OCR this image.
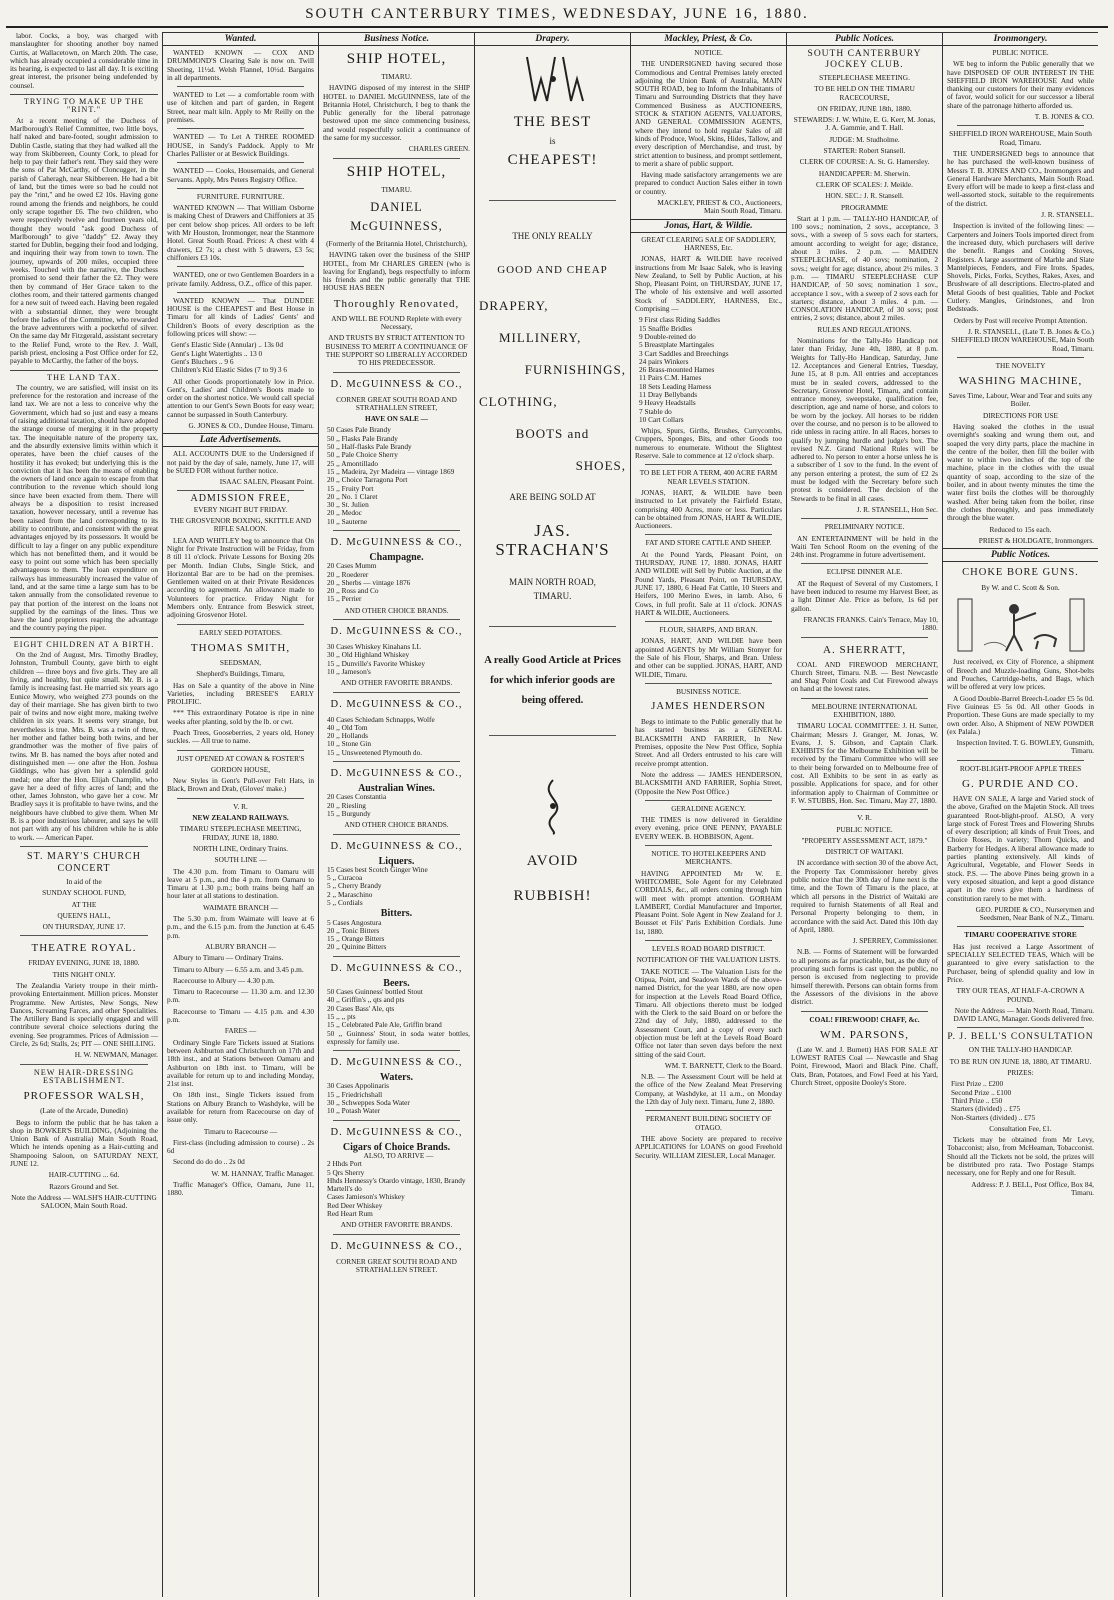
SOUTH CANTERBURY TIMES, WEDNESDAY, JUNE 16, 1880.

labor. Cocks, a boy, was charged with manslaughter for shooting another boy named Curtis, at Wallacetown, on March 20th. The case, which has already occupied a considerable time in its hearing, is expected to last all day. It is exciting great interest, the prisoner being undefended by counsel.

TRYING TO MAKE UP THE "RINT."

At a recent meeting of the Duchess of Marlborough's Relief Committee, two little boys, half naked and bare-footed, sought admission to Dublin Castle, stating that they had walked all the way from Skibbereen, County Cork, to plead for help to pay their father's rent. They said they were the sons of Pat McCarthy, of Cloncugger, in the parish of Caheragh, near Skibbereen. He had a bit of land, but the times were so bad he could not pay the "rint," and he owed £2 10s. Having gone round among the friends and neighbors, he could only scrape together £6. The two children, who were respectively twelve and fourteen years old, thought they would "ask good Duchess of Marlborough" to give "daddy" £2. Away they started for Dublin, begging their food and lodging, and inquiring their way from town to town. The journey, upwards of 200 miles, occupied three weeks. Touched with the narrative, the Duchess promised to send their father the £2. They were then by command of Her Grace taken to the clothes room, and their tattered garments changed for a new suit of tweed each. Having been regaled with a substantial dinner, they were brought before the ladies of the Committee, who rewarded the brave adventurers with a pocketful of silver. On the same day Mr Fitzgerald, assistant secretary to the Relief Fund, wrote to the Rev. J. Wall, parish priest, enclosing a Post Office order for £2, payable to McCarthy, the father of the boys.

THE LAND TAX.

The country, we are satisfied, will insist on its preference for the restoration and increase of the land tax. We are not a less to conceive why the Government, which had so just and easy a means of raising additional taxation, should have adopted the strange course of merging it in the property tax. The inequitable nature of the property tax, and the absurdly extensive limits within which it operates, have been the chief causes of the hostility it has evoked; but underlying this is the conviction that it has been the means of enabling the owners of land once again to escape from that contribution to the revenue which should long since have been exacted from them. There will always be a disposition to resist increased taxation, however necessary, until a revenue has been raised from the land corresponding to its ability to contribute, and consistent with the great advantages enjoyed by its possessors. It would be difficult to lay a finger on any public expenditure which has not benefitted them, and it would be easy to point out some which has been specially advantageous to them. The loan expenditure on railways has immeasurably increased the value of land, and at the same time a large sum has to be taken annually from the consolidated revenue to pay that portion of the interest on the loans not supplied by the earnings of the lines. Thus we have the land proprietors reaping the advantage and the country paying the piper.

EIGHT CHILDREN AT A BIRTH.

On the 2nd of August, Mrs. Timothy Bradley, Johnston, Trumbull County, gave birth to eight children — three boys and five girls. They are all living, and healthy, but quite small. Mr. B. is a family is increasing fast. He married six years ago Eunice Mowry, who weighed 273 pounds on the day of their marriage. She has given birth to two pair of twins and now eight more, making twelve children in six years. It seems very strange, but nevertheless is true. Mrs. B. was a twin of three, her mother and father being both twins, and her grandmother was the mother of five pairs of twins. Mr B. has named the boys after noted and distinguished men — one after the Hon. Joshua Giddings, who has given her a splendid gold medal; one after the Hon. Elijah Champlin, who gave her a deed of fifty acres of land; and the other, James Johnston, who gave her a cow. Mr Bradley says it is profitable to have twins, and the neighbours have clubbed to give them. When Mr B. is a poor industrious labourer, and says he will not part with any of his children while he is able to work. — American Paper.

ST. MARY'S CHURCH CONCERT

In aid of the

SUNDAY SCHOOL FUND,

AT THE

QUEEN'S HALL,

ON THURSDAY, JUNE 17.

THEATRE ROYAL.

FRIDAY EVENING, JUNE 18, 1880.

THIS NIGHT ONLY.

The Zealandia Variety troupe in their mirth-provoking Entertainment. Million prices. Monster Programme. New Artistes, New Songs, New Dances, Screaming Farces, and other Specialities. The Artillery Band is specially engaged and will contribute several choice selections during the evening. See programmes. Prices of Admission — Circle, 2s 6d; Stalls, 2s; PIT — ONE SHILLING.

H. W. NEWMAN, Manager.

NEW HAIR-DRESSING ESTABLISHMENT.
PROFESSOR WALSH,

(Late of the Arcade, Dunedin)

Begs to inform the public that he has taken a shop in BOWKER'S BUILDING, (Adjoining the Union Bank of Australia) Main South Road, Which he intends opening as a Hair-cutting and Shampooing Saloon, on SATURDAY NEXT, JUNE 12.

HAIR-CUTTING ... 6d.

Razors Ground and Set.

Note the Address — WALSH'S HAIR-CUTTING SALOON, Main South Road.

Wanted.

WANTED KNOWN — COX AND DRUMMOND'S Clearing Sale is now on. Twill Sheeting, 11½d. Welsh Flannel, 10½d. Bargains in all departments.

WANTED to Let — a comfortable room with use of kitchen and part of garden, in Regent Street, near malt kiln. Apply to Mr Reilly on the premises.

WANTED — To Let A THREE ROOMED HOUSE, in Sandy's Paddock. Apply to Mr Charles Pallister or at Beswick Buildings.

WANTED — Cooks, Housemaids, and General Servants. Apply, Mrs Peters Registry Office.

FURNITURE. FURNITURE.

WANTED KNOWN — That William Osborne is making Chest of Drawers and Chiffoniers at 35 per cent below shop prices. All orders to be left with Mr Houston, Ironmonger, near the Stanmore Hotel. Great South Road. Prices: A chest with 4 drawers, £2 7s; a chest with 5 drawers, £3 5s; chiffoniers £3 10s.

WANTED, one or two Gentlemen Boarders in a private family. Address, O.Z., office of this paper.

WANTED KNOWN — That DUNDEE HOUSE is the CHEAPEST and Best House in Timaru for all kinds of Ladies' Gents' and Children's Boots of every description as the following prices will show: —

Gent's Elastic Side (Annular) .. 13s 0d
Gent's Light Watertights .. 13 0
Gent's Bluchers .. 9 6
Children's Kid Elastic Sides (7 to 9) 3 6

All other Goods proportionately low in Price. Gent's, Ladies' and Children's Boots made to order on the shortest notice. We would call special attention to our Gent's Sewn Boots for easy wear; cannot be surpassed in South Canterbury.

G. JONES & CO., Dundee House, Timaru.

Late Advertisements.

ALL ACCOUNTS DUE to the Undersigned if not paid by the day of sale, namely, June 17, will be SUED FOR without further notice.

ISAAC SALEN, Pleasant Point.

ADMISSION FREE,

EVERY NIGHT BUT FRIDAY.

THE GROSVENOR BOXING, SKITTLE AND RIFLE SALOON.

LEA AND WHITLEY beg to announce that On Night for Private Instruction will be Friday, from 8 till 11 o'clock. Private Lessons for Boxing 20s per Month. Indian Clubs, Single Stick, and Horizontal Bar are to be had on the premises. Gentlemen waited on at their Private Residences according to agreement. An allowance made to Volunteers for practice. Friday Night for Members only. Entrance from Beswick street, adjoining Grosvenor Hotel.

EARLY SEED POTATOES.

THOMAS SMITH,

SEEDSMAN,

Shepherd's Buildings, Timaru,

Has on Sale a quantity of the above in Nine Varieties, including BRESEE'S EARLY PROLIFIC.

*** This extraordinary Potatoe is ripe in nine weeks after planting, sold by the lb. or cwt.

Peach Trees, Gooseberries, 2 years old, Honey suckles. — All true to name.

JUST OPENED AT COWAN & FOSTER'S

GORDON HOUSE,

New Styles in Gent's Pull-over Felt Hats, in Black, Brown and Drab, (Gloves' make.)

V. R.

NEW ZEALAND RAILWAYS.

TIMARU STEEPLECHASE MEETING, FRIDAY, JUNE 18, 1880.

NORTH LINE, Ordinary Trains.

SOUTH LINE —

The 4.30 p.m. from Timaru to Oamaru will leave at 5 p.m., and the 4 p.m. from Oamaru to Timaru at 1.30 p.m.; both trains being half an hour later at all stations to destination.

WAIMATE BRANCH —

The 5.30 p.m. from Waimate will leave at 6 p.m., and the 6.15 p.m. from the Junction at 6.45 p.m.

ALBURY BRANCH —

Albury to Timaru — Ordinary Trains.

Timaru to Albury — 6.55 a.m. and 3.45 p.m.

Racecourse to Albury — 4.30 p.m.

Timaru to Racecourse — 11.30 a.m. and 12.30 p.m.

Racecourse to Timaru — 4.15 p.m. and 4.30 p.m.

FARES —

Ordinary Single Fare Tickets issued at Stations between Ashburton and Christchurch on 17th and 18th inst., and at Stations between Oamaru and Ashburton on 18th inst. to Timaru, will be available for return up to and including Monday, 21st inst.

On 18th inst., Single Tickets issued from Stations on Albury Branch to Washdyke, will be available for return from Racecourse on day of issue only.

Timaru to Racecourse —

First-class (including admission to course) .. 2s 6d

Second do do do .. 2s 0d

W. M. HANNAY, Traffic Manager.

Traffic Manager's Office, Oamaru, June 11, 1880.

Business Notice.
SHIP HOTEL,

TIMARU.

HAVING disposed of my interest in the SHIP HOTEL to DANIEL McGUINNESS, late of the Britannia Hotel, Christchurch, I beg to thank the Public generally for the liberal patronage bestowed upon me since commencing business, and would respectfully solicit a continuance of the same for my successor.

CHARLES GREEN.

SHIP HOTEL,

TIMARU.

DANIEL McGUINNESS,

(Formerly of the Britannia Hotel, Christchurch),

HAVING taken over the business of the SHIP HOTEL, from Mr CHARLES GREEN (who is leaving for England), begs respectfully to inform his friends and the public generally that THE HOUSE HAS BEEN

Thoroughly Renovated,

AND WILL BE FOUND Replete with every Necessary,

AND TRUSTS BY STRICT ATTENTION TO BUSINESS TO MERIT A CONTINUANCE OF THE SUPPORT SO LIBERALLY ACCORDED TO HIS PREDECESSOR.

D. McGUINNESS & CO.,

CORNER GREAT SOUTH ROAD AND STRATHALLEN STREET,

HAVE ON SALE —

50 Cases Pale Brandy
50 ,, Flasks Pale Brandy
50 ,, Half-flasks Pale Brandy
50 ,, Pale Choice Sherry
25 ,, Amontillado
15 ,, Madeira, 2yr Madeira — vintage 1869
20 ,, Choice Tarragona Port
15 ,, Fruity Port
20 ,, No. 1 Claret
30 ,, St. Julien
20 ,, Medoc
10 ,, Sauterne
D. McGUINNESS & CO.,
Champagne.
20 Cases Mumm
20 ,, Roederer
20 ,, Sherbs — vintage 1876
20 ,, Ross and Co
15 ,, Perrier

AND OTHER CHOICE BRANDS.

D. McGUINNESS & CO.,
30 Cases Whiskey Kinahans LL
30 ,, Old Highland Whiskey
15 ,, Dunville's Favorite Whiskey
10 ,, Jameson's

AND OTHER FAVORITE BRANDS.

D. McGUINNESS & CO.,
40 Cases Schiedam Schnapps, Wolfe
40 ,, Old Tom
20 ,, Hollands
10 ,, Stone Gin
15 ,, Unsweetened Plymouth do.
D. McGUINNESS & CO.,
Australian Wines.
20 Cases Constantia
20 ,, Riesling
15 ,, Burgundy

AND OTHER CHOICE BRANDS.

D. McGUINNESS & CO.,
Liquers.
15 Cases best Scotch Ginger Wine
5 ,, Curacoa
5 ,, Cherry Brandy
2 ,, Maraschino
5 ,, Cordials
Bitters.
5 Cases Angostura
20 ,, Tonic Bitters
15 ,, Orange Bitters
20 ,, Quinine Bitters
D. McGUINNESS & CO.,
Beers.
50 Cases Guinness' bottled Stout
40 ,, Griffin's ,, qts and pts
20 Cases Bass' Ale, qts
15 ,, ,, pts
15 ,, Celebrated Pale Ale, Griffin brand
50 ,, Guinness' Stout, in soda water bottles, expressly for family use.
D. McGUINNESS & CO.,
Waters.
30 Cases Appolinaris
15 ,, Friedrichshall
30 ,, Schweppes Soda Water
10 ,, Potash Water
D. McGUINNESS & CO.,
Cigars of Choice Brands.
ALSO, TO ARRIVE —
2 Hhds Port
5 Qrs Sherry
Hhds Hennessy's Otardo vintage, 1830, Brandy
Martell's do
Cases Jamieson's Whiskey
Red Deer Whiskey
Red Heart Rum

AND OTHER FAVORITE BRANDS.

D. McGUINNESS & CO.,

CORNER GREAT SOUTH ROAD AND STRATHALLEN STREET.

Drapery.
THE BEST

is

CHEAPEST!

THE ONLY REALLY

GOOD AND CHEAP
DRAPERY,
MILLINERY,
FURNISHINGS,
CLOTHING,
BOOTS and
SHOES,

ARE BEING SOLD AT

JAS. STRACHAN'S

MAIN NORTH ROAD,

TIMARU.

A really Good Article at Prices for which inferior goods are being offered.

AVOID
RUBBISH!
Mackley, Priest, & Co.

NOTICE.

THE UNDERSIGNED having secured those Commodious and Central Premises lately erected adjoining the Union Bank of Australia, MAIN SOUTH ROAD, beg to Inform the Inhabitants of Timaru and Surrounding Districts that they have Commenced Business as AUCTIONEERS, STOCK & STATION AGENTS, VALUATORS, AND GENERAL COMMISSION AGENTS, where they intend to hold regular Sales of all kinds of Produce, Wool, Skins, Hides, Tallow, and every description of Merchandise, and trust, by strict attention to business, and prompt settlement, to merit a share of public support.

Having made satisfactory arrangements we are prepared to conduct Auction Sales either in town or country.

MACKLEY, PRIEST & CO., Auctioneers, Main South Road, Timaru.

Jonas, Hart, & Wildie.

GREAT CLEARING SALE OF SADDLERY, HARNESS, Etc.

JONAS, HART & WILDIE have received instructions from Mr Isaac Salek, who is leaving New Zealand, to Sell by Public Auction, at his Shop, Pleasant Point, on THURSDAY, JUNE 17, The whole of his extensive and well assorted Stock of SADDLERY, HARNESS, Etc., Comprising —

9 First class Riding Saddles
15 Snaffle Bridles
9 Double-reined do
5 Breastplate Martingales
3 Cart Saddles and Breechings
24 pairs Winkers
26 Brass-mounted Hames
11 Pairs C.M. Hames
18 Sets Leading Harness
11 Dray Bellybands
9 Heavy Headstalls
7 Stable do
10 Cart Collars

Whips, Spurs, Girths, Brushes, Currycombs, Cruppers, Sponges, Bits, and other Goods too numerous to enumerate. Without the Slightest Reserve. Sale to commence at 12 o'clock sharp.

TO BE LET FOR A TERM, 400 ACRE FARM NEAR LEVELS STATION.

JONAS, HART, & WILDIE have been instructed to Let privately the Fairfield Estate, comprising 400 Acres, more or less. Particulars can be obtained from JONAS, HART & WILDIE, Auctioneers.

FAT AND STORE CATTLE AND SHEEP.

At the Pound Yards, Pleasant Point, on THURSDAY, JUNE 17, 1880. JONAS, HART AND WILDIE will Sell by Public Auction, at the Pound Yards, Pleasant Point, on THURSDAY, JUNE 17, 1880, 6 Head Fat Cattle, 10 Steers and Heifers, 100 Merino Ewes, in lamb. Also, 6 Cows, in full profit. Sale at 11 o'clock. JONAS HART & WILDIE, Auctioneers.

FLOUR, SHARPS, AND BRAN.

JONAS, HART, AND WILDIE have been appointed AGENTS by Mr William Stonyer for the Sale of his Flour, Sharps, and Bran. Unless and other can be supplied. JONAS, HART, AND WILDIE, Timaru.

BUSINESS NOTICE.

JAMES HENDERSON

Begs to intimate to the Public generally that he has started business as a GENERAL BLACKSMITH AND FARRIER, In New Premises, opposite the New Post Office, Sophia Street. And all Orders entrusted to his care will receive prompt attention.

Note the address — JAMES HENDERSON, BLACKSMITH AND FARRIER, Sophia Street, (Opposite the New Post Office.)

GERALDINE AGENCY.

THE TIMES is now delivered in Geraldine every evening, price ONE PENNY, PAYABLE EVERY WEEK. B. HOBBISON, Agent.

NOTICE. TO HOTELKEEPERS AND MERCHANTS.

HAVING APPOINTED Mr W. E. WHITCOMBE, Sole Agent for my Celebrated CORDIALS, &c., all orders coming through him will meet with prompt attention. GORHAM LAMBERT, Cordial Manufacturer and Importer, Pleasant Point. Sole Agent in New Zealand for J. Bousset et Fils' Paris Exhibition Cordials. June 1st, 1880.

LEVELS ROAD BOARD DISTRICT.

NOTIFICATION OF THE VALUATION LISTS.

TAKE NOTICE — The Valuation Lists for the Otipua, Point, and Seadown Wards of the above-named District, for the year 1880, are now open for inspection at the Levels Road Board Office, Timaru. All objections thereto must be lodged with the Clerk to the said Board on or before the 22nd day of July, 1880, addressed to the Assessment Court, and a copy of every such objection must be left at the Levels Road Board Office not later than seven days before the next sitting of the said Court.

WM. T. BARNETT, Clerk to the Board.

N.B. — The Assessment Court will be held at the office of the New Zealand Meat Preserving Company, at Washdyke, at 11 a.m., on Monday the 12th day of July next. Timaru, June 2, 1880.

PERMANENT BUILDING SOCIETY OF OTAGO.

THE above Society are prepared to receive APPLICATIONS for LOANS on good Freehold Security. WILLIAM ZIESLER, Local Manager.

Public Notices.
SOUTH CANTERBURY JOCKEY CLUB.

STEEPLECHASE MEETING.

TO BE HELD ON THE TIMARU RACECOURSE,

ON FRIDAY, JUNE 18th, 1880.

STEWARDS: J. W. White, E. G. Kerr, M. Jonas, J. A. Gammie, and T. Hall.

JUDGE: M. Studholme.

STARTER: Robert Stansell.

CLERK OF COURSE: A. St. G. Hamersley.

HANDICAPPER: M. Sherwin.

CLERK OF SCALES: J. Meikle.

HON. SEC.: J. R. Stansell.

PROGRAMME

Start at 1 p.m. — TALLY-HO HANDICAP, of 100 sovs.; nomination, 2 sovs., acceptance, 3 sovs., with a sweep of 5 sovs each for starters, amount according to weight for age; distance, about 3 miles. 2 p.m. — MAIDEN STEEPLECHASE, of 40 sovs; nomination, 2 sovs.; weight for age; distance, about 2½ miles. 3 p.m. — TIMARU STEEPLECHASE CUP HANDICAP, of 50 sovs; nomination 1 sov., acceptance 1 sov., with a sweep of 2 sovs each for starters; distance, about 3 miles. 4 p.m. — CONSOLATION HANDICAP, of 30 sovs; post entries, 2 sovs; distance, about 2 miles.

RULES AND REGULATIONS.

Nominations for the Tally-Ho Handicap not later than Friday, June 4th, 1880, at 8 p.m. Weights for Tally-Ho Handicap, Saturday, June 12. Acceptances and General Entries, Tuesday, June 15, at 8 p.m. All entries and acceptances must be in sealed covers, addressed to the Secretary, Grosvenor Hotel, Timaru, and contain entrance money, sweepstake, qualification fee, description, age and name of horse, and colors to be worn by the jockey. All horses to be ridden over the course, and no person is to be allowed to ride unless in racing attire. In all Races, horses to qualify by jumping hurdle and judge's box. The revised N.Z. Grand National Rules will be adhered to. No person to enter a horse unless he is a subscriber of 1 sov to the fund. In the event of any person entering a protest, the sum of £2 2s must be lodged with the Secretary before such protest is considered. The decision of the Stewards to be final in all cases.

J. R. STANSELL, Hon Sec.

PRELIMINARY NOTICE.

AN ENTERTAINMENT will be held in the Waiti Ten School Room on the evening of the 24th inst. Programme in future advertisement.

ECLIPSE DINNER ALE.

AT the Request of Several of my Customers, I have been induced to resume my Harvest Beer, as a light Dinner Ale. Price as before, 1s 6d per gallon.

FRANCIS FRANKS. Cain's Terrace, May 10, 1880.

A. SHERRATT,

COAL AND FIREWOOD MERCHANT, Church Street, Timaru. N.B. — Best Newcastle and Shag Point Coals and Cut Firewood always on hand at the lowest rates.

MELBOURNE INTERNATIONAL EXHIBITION, 1880.

TIMARU LOCAL COMMITTEE: J. H. Sutter, Chairman; Messrs J. Granger, M. Jonas, W. Evans, J. S. Gibson, and Captain Clark. EXHIBITS for the Melbourne Exhibition will be received by the Timaru Committee who will see to their being forwarded on to Melbourne free of cost. All Exhibits to be sent in as early as possible. Applications for space, and for other information apply to Chairman of Committee or F. W. STUBBS, Hon. Sec. Timaru, May 27, 1880.

V. R.

PUBLIC NOTICE.

"PROPERTY ASSESSMENT ACT, 1879."

DISTRICT OF WAITAKI.

IN accordance with section 30 of the above Act, the Property Tax Commissioner hereby gives public notice that the 30th day of June next is the time, and the Town of Timaru is the place, at which all persons in the District of Waitaki are required to furnish Statements of all Real and Personal Property belonging to them, in accordance with the said Act. Dated this 10th day of April, 1880.

J. SPERREY, Commissioner.

N.B. — Forms of Statement will be forwarded to all persons as far practicable, but, as the duty of procuring such forms is cast upon the public, no person is excused from neglecting to provide himself therewith. Persons can obtain forms from the Assessors of the divisions in the above district.

COAL! FIREWOOD! CHAFF, &c.

WM. PARSONS,

(Late W. and J. Burnett) HAS FOR SALE AT LOWEST RATES Coal — Newcastle and Shag Point, Firewood, Maori and Black Pine. Chaff, Oats, Bran, Potatoes, and Fowl Feed at his Yard, Church Street, opposite Dooley's Store.

Ironmongery.

PUBLIC NOTICE.

WE beg to inform the Public generally that we have DISPOSED OF OUR INTEREST IN THE SHEFFIELD IRON WAREHOUSE And while thanking our customers for their many evidences of favor, would solicit for our successor a liberal share of the patronage hitherto afforded us.

T. B. JONES & CO.

SHEFFIELD IRON WAREHOUSE, Main South Road, Timaru.

THE UNDERSIGNED begs to announce that he has purchased the well-known business of Messrs T. B. JONES AND CO., Ironmongers and General Hardware Merchants, Main South Road. Every effort will be made to keep a first-class and well-assorted stock, suitable to the requirements of the district.

J. R. STANSELL.

Inspection is invited of the following lines: — Carpenters and Joiners Tools imported direct from the increased duty, which purchasers will derive the benefit. Ranges and Cooking Stoves, Registers. A large assortment of Marble and Slate Mantelpieces, Fenders, and Fire Irons. Spades, Shovels, Picks, Forks, Scythes, Rakes, Axes, and Brushware of all descriptions. Electro-plated and Metal Goods of best qualities, Table and Pocket Cutlery. Mangles, Grindstones, and Iron Bedsteads.

Orders by Post will receive Prompt Attention.

J. R. STANSELL, (Late T. B. Jones & Co.) SHEFFIELD IRON WAREHOUSE, Main South Road, Timaru.

THE NOVELTY

WASHING MACHINE,

Saves Time, Labour, Wear and Tear and suits any Boiler.

DIRECTIONS FOR USE

Having soaked the clothes in the usual overnight's soaking and wrung them out, and soaped the very dirty parts, place the machine in the centre of the boiler, then fill the boiler with water to within two inches of the top of the machine, place in the clothes with the usual quantity of soap, according to the size of the boiler, and in about twenty minutes the time the water first boils the clothes will be thoroughly washed. After being taken from the boiler, rinse the clothes thoroughly, and pass immediately through the blue water.

Reduced to 15s each.

PRIEST & HOLDGATE, Ironmongers.

Public Notices.
CHOKE BORE GUNS.

By W. and C. Scott & Son.

Just received, ex City of Florence, a shipment of Breech and Muzzle-loading Guns, Shot-belts and Pouches, Cartridge-belts, and Bags, which will be offered at very low prices.

A Good Double-Barrel Breech-Loader £5 5s 0d. Five Guineas £5 5s 0d. All other Goods in Proportion. These Guns are made specially to my own order. Also, A Shipment of NEW POWDER (ex Palala.)

Inspection Invited. T. G. BOWLEY, Gunsmith, Timaru.

ROOT-BLIGHT-PROOF APPLE TREES

G. PURDIE AND CO.

HAVE ON SALE, A large and Varied stock of the above, Grafted on the Majetin Stock. All trees guaranteed Root-blight-proof. ALSO, A very large stock of Forest Trees and Flowering Shrubs of every description; all kinds of Fruit Trees, and Choice Roses, in variety; Thorn Quicks, and Barberry for Hedges. A liberal allowance made to parties planting extensively. All kinds of Agricultural, Vegetable, and Flower Seeds in stock. P.S. — The above Pines being grown in a very exposed situation, and kept a good distance apart in the rows give them a hardiness of constitution rarely to be met with.

GEO. PURDIE & CO., Nurserymen and Seedsmen, Near Bank of N.Z., Timaru.

TIMARU COOPERATIVE STORE

Has just received a Large Assortment of SPECIALLY SELECTED TEAS, Which will be guaranteed to give every satisfaction to the Purchaser, being of splendid quality and low in Price.

TRY OUR TEAS, AT HALF-A-CROWN A POUND.

Note the Address — Main North Road, Timaru. DAVID LANG, Manager. Goods delivered free.

P. J. BELL'S CONSULTATION

ON THE TALLY-HO HANDICAP.

TO BE RUN ON JUNE 18, 1880, AT TIMARU.

PRIZES:

First Prize .. £200
Second Prize .. £100
Third Prize .. £50
Starters (divided) .. £75
Non-Starters (divided) .. £75

Consultation Fee, £1.

Tickets may be obtained from Mr Levy, Tobacconist; also, from McHeaman, Tobacconist. Should all the Tickets not be sold, the prizes will be distributed pro rata. Two Postage Stamps necessary, one for Reply and one for Result.

Address: P. J. BELL, Post Office, Box 84, Timaru.
